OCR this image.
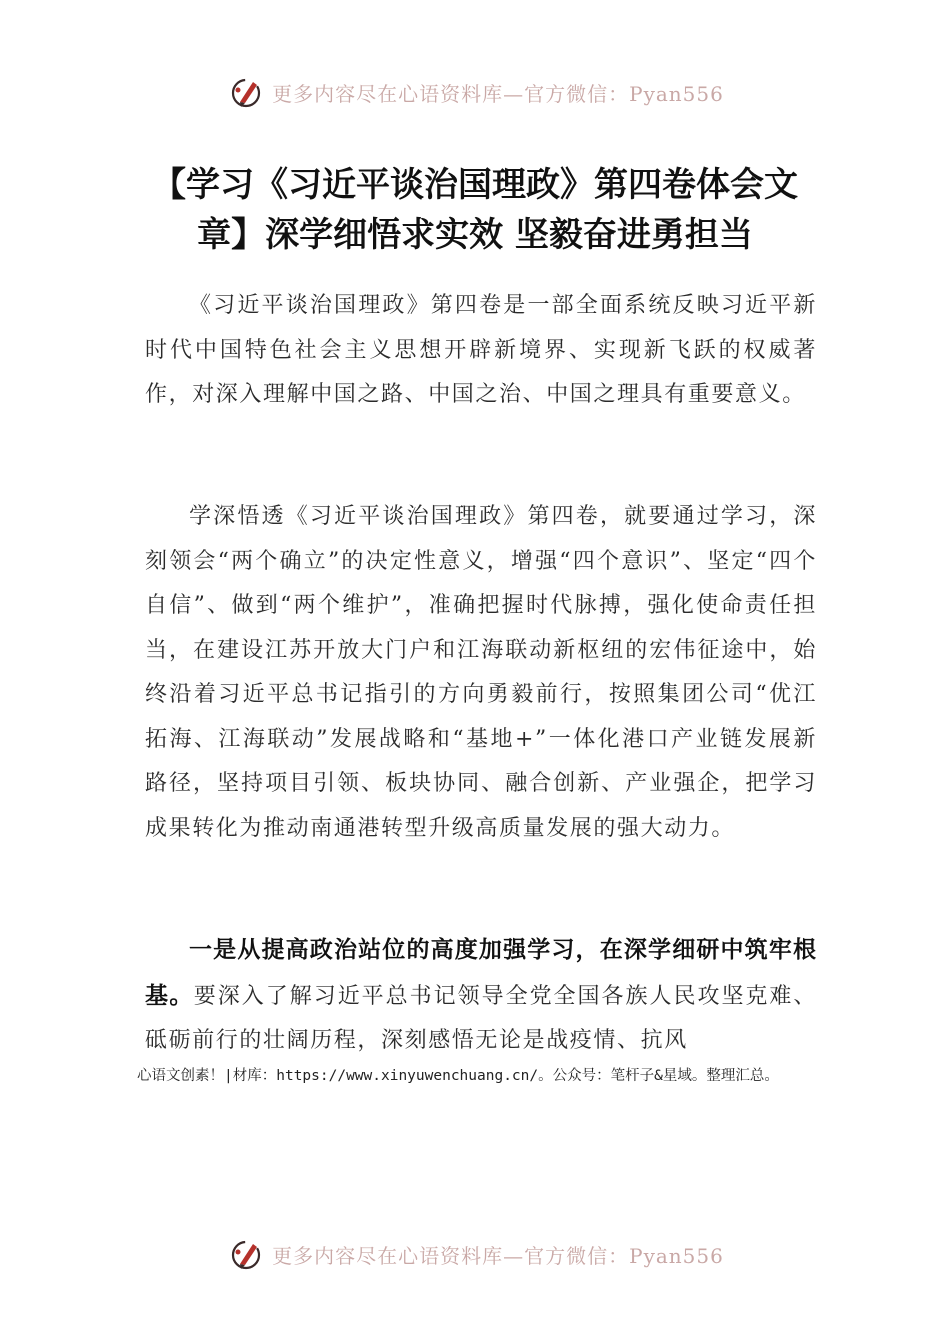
更多内容尽在心语资料库—官方微信：Pyan556
【学习《习近平谈治国理政》第四卷体会文章】深学细悟求实效 坚毅奋进勇担当

《习近平谈治国理政》第四卷是一部全面系统反映习近平新时代中国特色社会主义思想开辟新境界、实现新飞跃的权威著作，对深入理解中国之路、中国之治、中国之理具有重要意义。

学深悟透《习近平谈治国理政》第四卷，就要通过学习，深刻领会“两个确立”的决定性意义，增强“四个意识”、坚定“四个自信”、做到“两个维护”，准确把握时代脉搏，强化使命责任担当，在建设江苏开放大门户和江海联动新枢纽的宏伟征途中，始终沿着习近平总书记指引的方向勇毅前行，按照集团公司“优江拓海、江海联动”发展战略和“基地+”一体化港口产业链发展新路径，坚持项目引领、板块协同、融合创新、产业强企，把学习成果转化为推动南通港转型升级高质量发展的强大动力。

一是从提高政治站位的高度加强学习，在深学细研中筑牢根基。要深入了解习近平总书记领导全党全国各族人民攻坚克难、砥砺前行的壮阔历程，深刻感悟无论是战疫情、抗风

心语文创素！|材库：https://www.xinyuwenchuang.cn/。公众号：笔杆子&星域。整理汇总。

更多内容尽在心语资料库—官方微信：Pyan556
